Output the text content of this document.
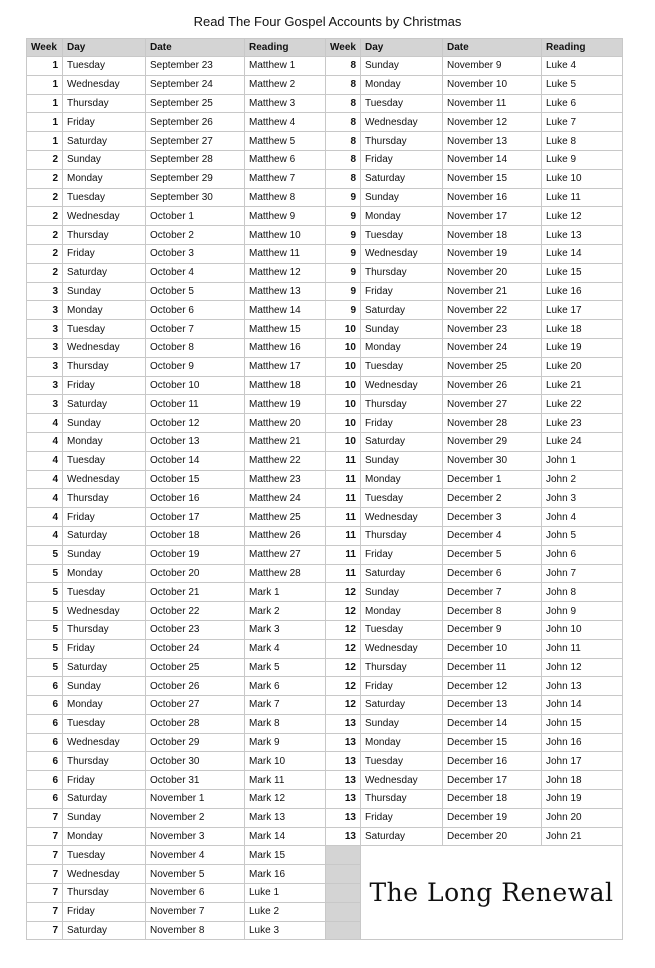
Read The Four Gospel Accounts by Christmas
Week	Day	Date	Reading	Week	Day	Date	Reading
1	Tuesday	September 23	Matthew 1	8	Sunday	November 9	Luke 4
1	Wednesday	September 24	Matthew 2	8	Monday	November 10	Luke 5
1	Thursday	September 25	Matthew 3	8	Tuesday	November 11	Luke 6
1	Friday	September 26	Matthew 4	8	Wednesday	November 12	Luke 7
1	Saturday	September 27	Matthew 5	8	Thursday	November 13	Luke 8
2	Sunday	September 28	Matthew 6	8	Friday	November 14	Luke 9
2	Monday	September 29	Matthew 7	8	Saturday	November 15	Luke 10
2	Tuesday	September 30	Matthew 8	9	Sunday	November 16	Luke 11
2	Wednesday	October 1	Matthew 9	9	Monday	November 17	Luke 12
2	Thursday	October 2	Matthew 10	9	Tuesday	November 18	Luke 13
2	Friday	October 3	Matthew 11	9	Wednesday	November 19	Luke 14
2	Saturday	October 4	Matthew 12	9	Thursday	November 20	Luke 15
3	Sunday	October 5	Matthew 13	9	Friday	November 21	Luke 16
3	Monday	October 6	Matthew 14	9	Saturday	November 22	Luke 17
3	Tuesday	October 7	Matthew 15	10	Sunday	November 23	Luke 18
3	Wednesday	October 8	Matthew 16	10	Monday	November 24	Luke 19
3	Thursday	October 9	Matthew 17	10	Tuesday	November 25	Luke 20
3	Friday	October 10	Matthew 18	10	Wednesday	November 26	Luke 21
3	Saturday	October 11	Matthew 19	10	Thursday	November 27	Luke 22
4	Sunday	October 12	Matthew 20	10	Friday	November 28	Luke 23
4	Monday	October 13	Matthew 21	10	Saturday	November 29	Luke 24
4	Tuesday	October 14	Matthew 22	11	Sunday	November 30	John 1
4	Wednesday	October 15	Matthew 23	11	Monday	December 1	John 2
4	Thursday	October 16	Matthew 24	11	Tuesday	December 2	John 3
4	Friday	October 17	Matthew 25	11	Wednesday	December 3	John 4
4	Saturday	October 18	Matthew 26	11	Thursday	December 4	John 5
5	Sunday	October 19	Matthew 27	11	Friday	December 5	John 6
5	Monday	October 20	Matthew 28	11	Saturday	December 6	John 7
5	Tuesday	October 21	Mark 1	12	Sunday	December 7	John 8
5	Wednesday	October 22	Mark 2	12	Monday	December 8	John 9
5	Thursday	October 23	Mark 3	12	Tuesday	December 9	John 10
5	Friday	October 24	Mark 4	12	Wednesday	December 10	John 11
5	Saturday	October 25	Mark 5	12	Thursday	December 11	John 12
6	Sunday	October 26	Mark 6	12	Friday	December 12	John 13
6	Monday	October 27	Mark 7	12	Saturday	December 13	John 14
6	Tuesday	October 28	Mark 8	13	Sunday	December 14	John 15
6	Wednesday	October 29	Mark 9	13	Monday	December 15	John 16
6	Thursday	October 30	Mark 10	13	Tuesday	December 16	John 17
6	Friday	October 31	Mark 11	13	Wednesday	December 17	John 18
6	Saturday	November 1	Mark 12	13	Thursday	December 18	John 19
7	Sunday	November 2	Mark 13	13	Friday	December 19	John 20
7	Monday	November 3	Mark 14	13	Saturday	December 20	John 21
7	Tuesday	November 4	Mark 15		The Long Renewal		
7	Wednesday	November 5	Mark 16				
7	Thursday	November 6	Luke 1				
7	Friday	November 7	Luke 2				
7	Saturday	November 8	Luke 3				
